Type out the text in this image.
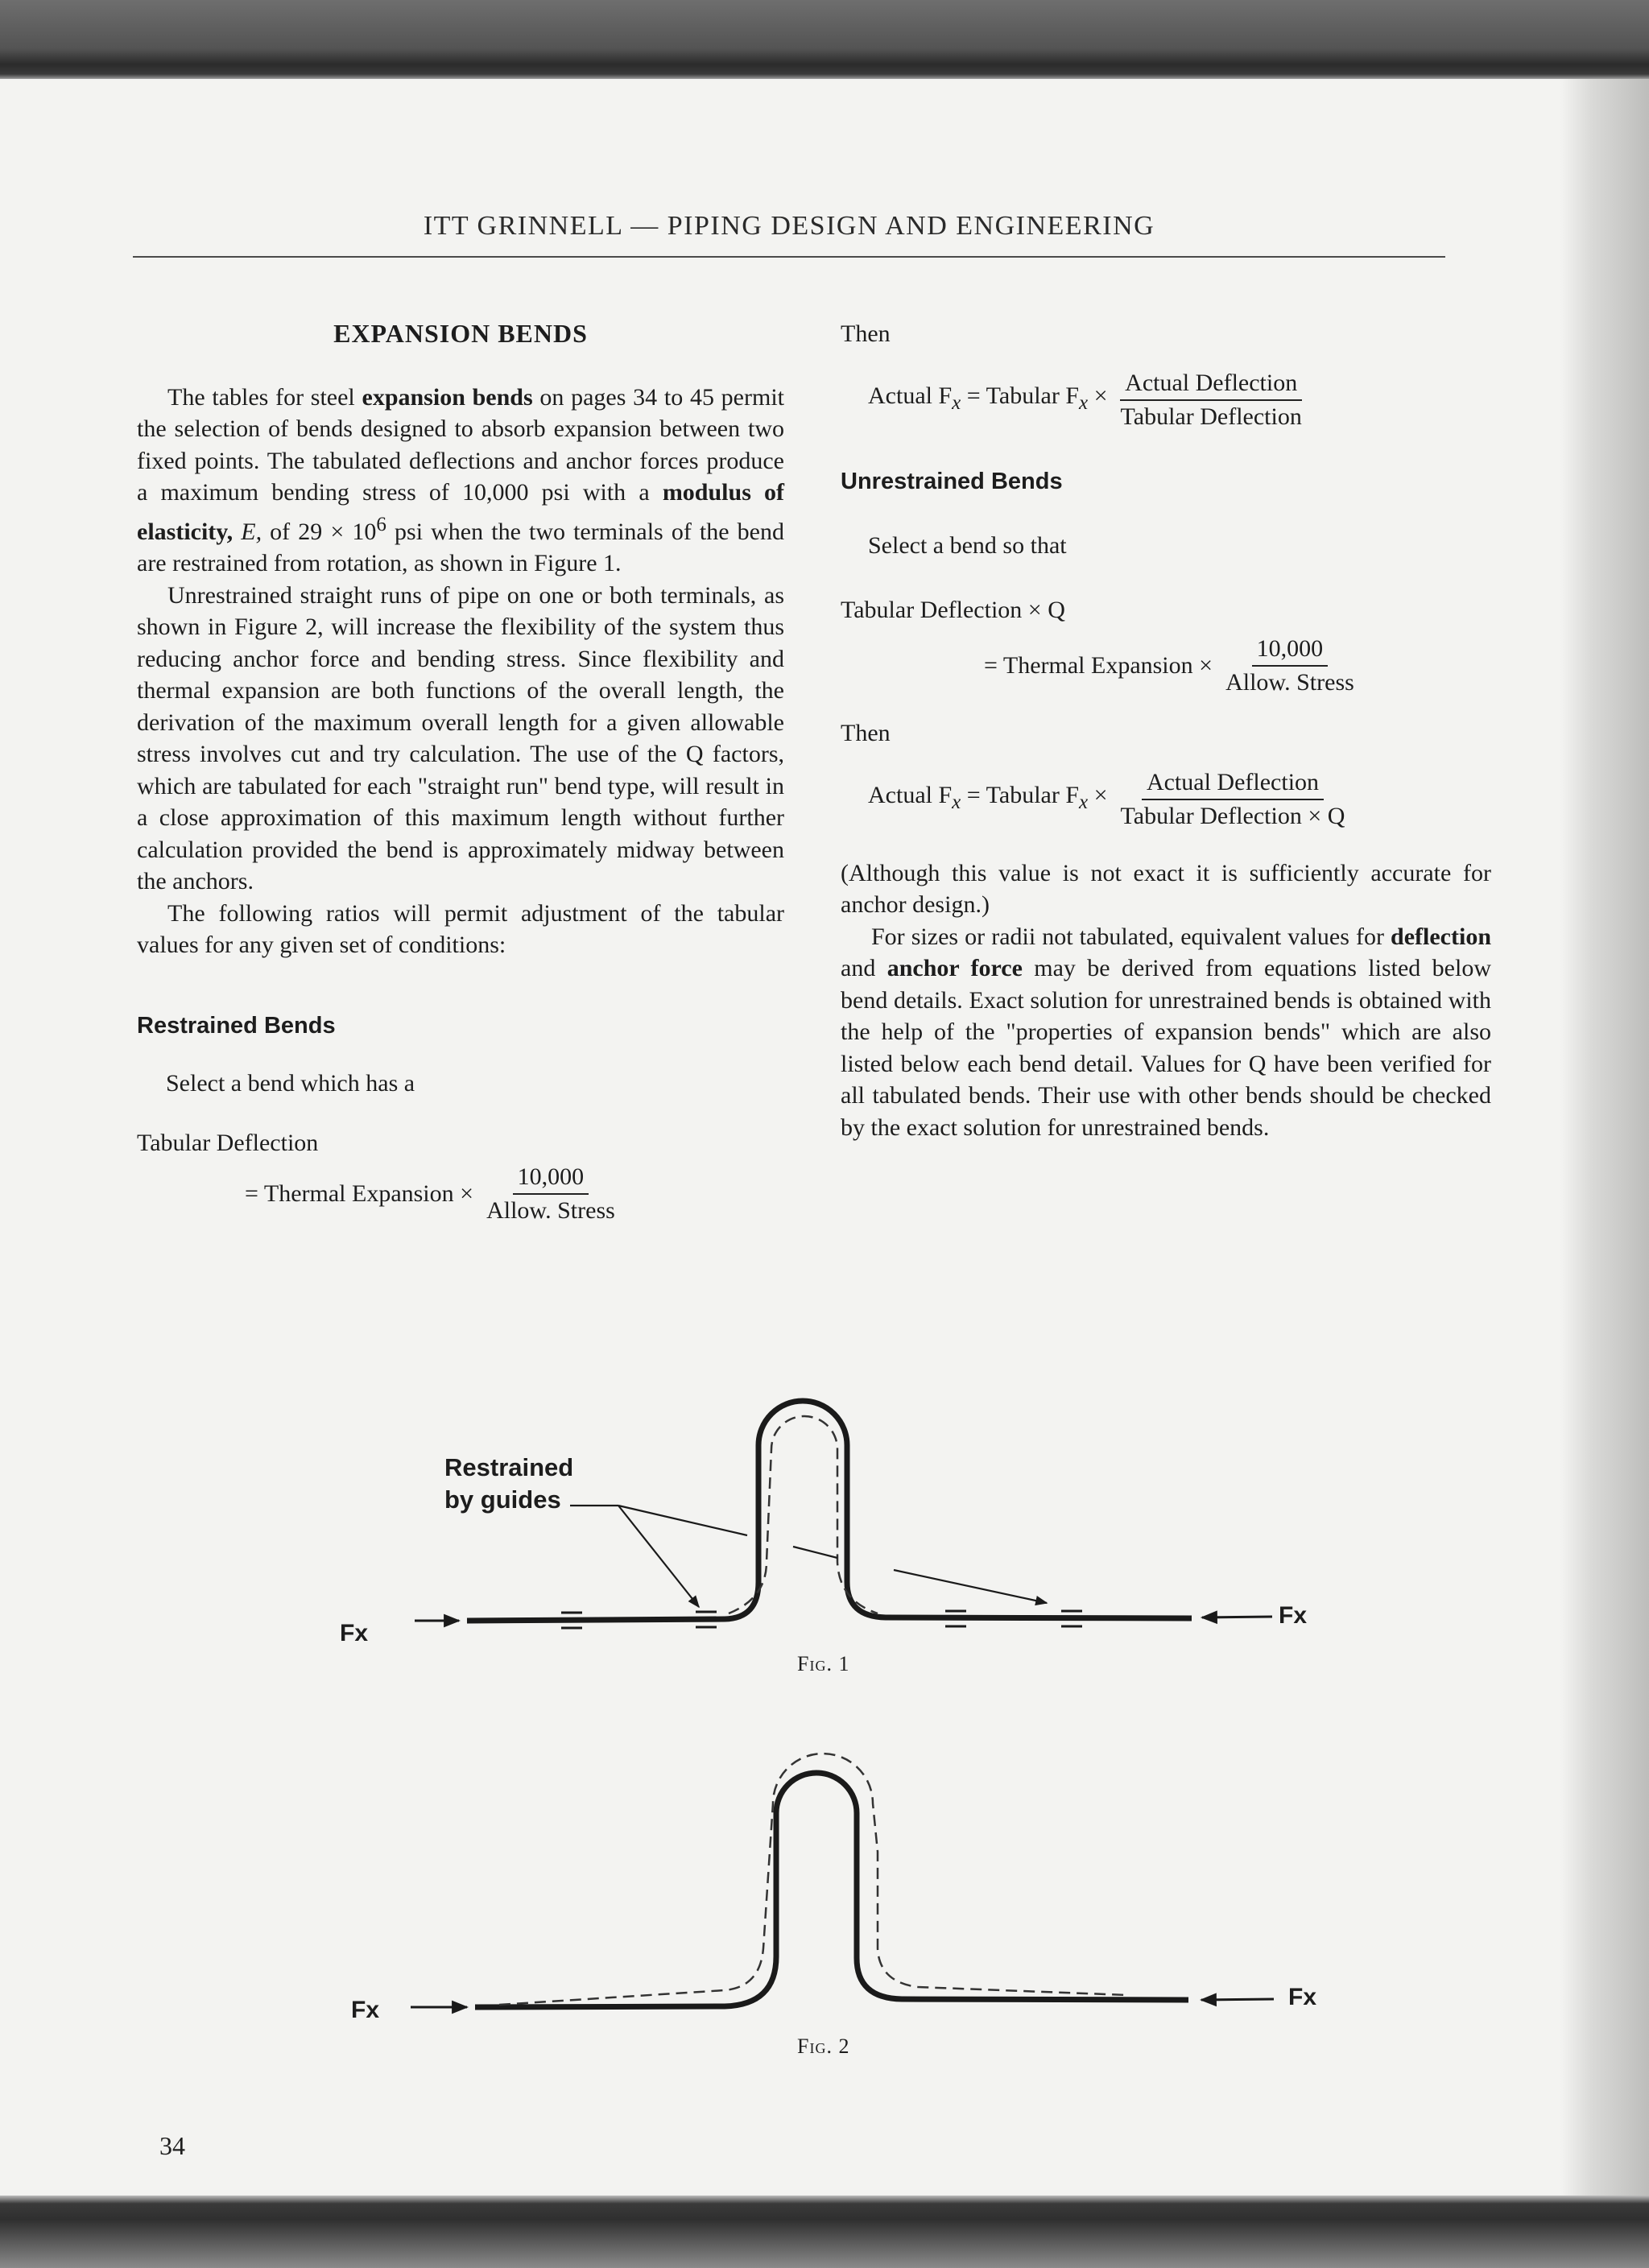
ITT GRINNELL — PIPING DESIGN AND ENGINEERING
EXPANSION BENDS

The tables for steel expansion bends on pages 34 to 45 permit the selection of bends designed to absorb expansion between two fixed points. The tabulated deflections and anchor forces produce a maximum bending stress of 10,000 psi with a modulus of elasticity, E, of $29 \times 10^6$ psi when the two terminals of the bend are restrained from rotation, as shown in Figure 1.

Unrestrained straight runs of pipe on one or both terminals, as shown in Figure 2, will increase the flexibility of the system thus reducing anchor force and bending stress. Since flexibility and thermal expansion are both functions of the overall length, the derivation of the maximum overall length for a given allowable stress involves cut and try calculation. The use of the Q factors, which are tabulated for each "straight run" bend type, will result in a close approximation of this maximum length without further calculation provided the bend is approximately midway between the anchors.

The following ratios will permit adjustment of the tabular values for any given set of conditions:

Restrained Bends

Select a bend which has a

Tabular Deflection

= Thermal Expansion × $\frac{10,000}{\text{Allow. Stress}}$

Then

Actual $F_x$ = Tabular $F_x \times \frac{\text{Actual Deflection}}{\text{Tabular Deflection}}$

Unrestrained Bends

Select a bend so that

Tabular Deflection × Q

= Thermal Expansion × $\frac{10,000}{\text{Allow. Stress}}$

Then

Actual $F_x$ = Tabular $F_x \times \frac{\text{Actual Deflection}}{\text{Tabular Deflection × Q}}$

(Although this value is not exact it is sufficiently accurate for anchor design.)

For sizes or radii not tabulated, equivalent values for deflection and anchor force may be derived from equations listed below bend details. Exact solution for unrestrained bends is obtained with the help of the "properties of expansion bends" which are also listed below each bend detail. Values for Q have been verified for all tabulated bends. Their use with other bends should be checked by the exact solution for unrestrained bends.

Restrained
by guides
Fx
Fx
Fig. 1
Fx	Fx
Fig. 2
34
